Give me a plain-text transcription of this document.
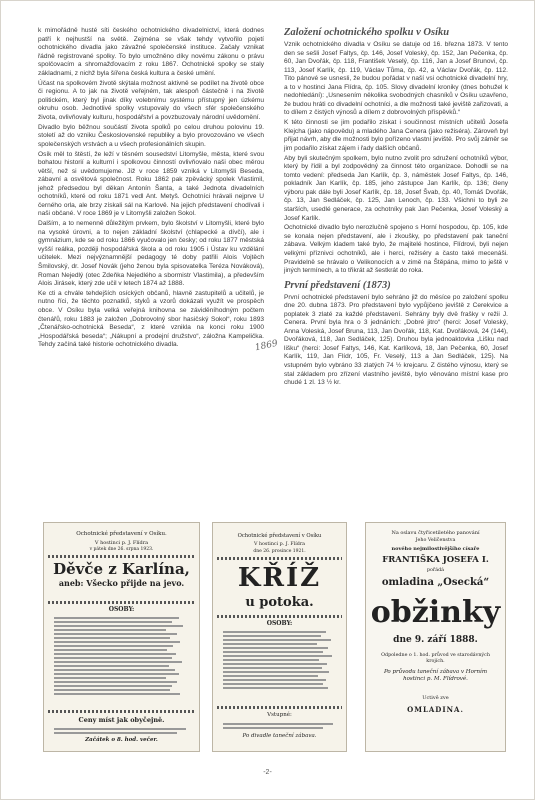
k mimořádně husté síti českého ochotnického divadelnictví, která dodnes patří k nejhustší na světě. Zejména se však tehdy vytvořilo pojetí ochotnického divadla jako závažné společenské instituce. Začaly vznikat řádně registrované spolky. To bylo umožněno díky novému zákonu o právu spolčovacím a shromažďovacím z roku 1867. Ochotnické spolky se staly základnami, z nichž byla šířena česká kultura a české umění.

Účast na spolkovém životě skýtala možnost aktivně se podílet na životě obce či regionu. A to jak na životě veřejném, tak alespoň částečně i na životě politickém, který byl jinak díky volebnímu systému přístupný jen úzkému okruhu osob. Jednotlivé spolky vstupovaly do všech sfér společenského života, ovlivňovaly kulturu, hospodářství a povzbuzovaly národní uvědomění.

Divadlo bylo běžnou součástí života spolků po celou druhou polovinu 19. století až do vzniku Československé republiky a bylo provozováno ve všech společenských vrstvách a u všech profesionálních skupin.

Osík měl to štěstí, že leží v těsném sousedství Litomyšle, města, které svou bohatou historií a kulturní i spolkovou činností ovlivňovalo naši obec měrou větší, než si uvědomujeme. Již v roce 1859 vzniká v Litomyšli Beseda, zábavní a osvětová společnost. Roku 1862 pak zpěvácký spolek Vlastimil, jehož předsedou byl děkan Antonín Šanta, a také Jednota divadelních ochotníků, které od roku 1871 vedl Ant. Metyš. Ochotníci hrávali nejprve U černého orla, ale brzy získali sál na Karlově. Na jejich představení chodívali i naši občané. V roce 1869 je v Litomyšli založen Sokol.

Dalším, a to nemenně důležitým prvkem, bylo školství v Litomyšli, které bylo na vysoké úrovni, a to nejen základní školství (chlapecké a dívčí), ale i gymnázium, kde se od roku 1866 vyučovalo jen česky; od roku 1877 městská vyšší reálka, později hospodářská škola a od roku 1905 i Ústav ku vzdělání učitelek. Mezi nejvýznamnější pedagogy té doby patřili Alois Vojtěch Šmilovský, dr. Josef Novák (jeho ženou byla spisovatelka Teréza Nováková), Roman Nejedlý (otec Zdeňka Nejedlého a sbormistr Vlastimila), a především Alois Jirásek, který zde učil v letech 1874 až 1888.

Ke cti a chvále tehdejších osíckých občanů, hlavně zastupitelů a učitelů, je nutno říci, že těchto poznatků, styků a vzorů dokázali využít ve prospěch obce. V Osíku byla velká veřejná knihovna se záviděníhodným počtem čtenářů, roku 1883 je založen „Dobrovolný sbor hasičský Sokol“, roku 1893 „Čtenářsko-ochotnická Beseda“, z které vznikla na konci roku 1900 „Hospodářská beseda“; „Nákupní a prodejní družstvo“, záložna Kampelička. Tehdy začíná také historie ochotnického divadla.	1869
Založení ochotnického spolku v Osíku

Vznik ochotnického divadla v Osíku se datuje od 16. března 1873. V tento den se sešli Josef Faltys, čp. 146, Josef Voleský, čp. 152, Jan Pečenka, čp. 60, Jan Dvořák, čp. 118, František Veselý, čp. 116, Jan a Josef Brunovi, čp. 113, Josef Karlík, čp. 119, Václav Tůma, čp. 42, a Václav Dvořák, čp. 112. Tito pánové se usnesli, že budou pořádat v naší vsi ochotnické divadelní hry, a to v hostinci Jana Flídra, čp. 105. Slovy divadelní kroniky (dnes bohužel k nedohledání): „Usnesením několika svobodných chasníků v Osíku uzavřeno, že budou hráti co divadelní ochotníci, a dle možnosti také jeviště zařizovati, a to dílem z čistých výnosů a dílem z dobrovolných příspěvků.“

K této činnosti se jim podařilo získat i součinnost místních učitelů Josefa Klejcha (jako nápovědu) a mladého Jana Cenera (jako režiséra). Zároveň byl přijat návrh, aby dle možnosti bylo pořízeno vlastní jeviště. Pro svůj záměr se jim podařilo získat zájem i řady dalších občanů.

Aby byli skutečným spolkem, bylo nutno zvolit pro sdružení ochotníků výbor, který by řídil a byl zodpovědný za činnost této organizace. Dohodli se na tomto vedení: předseda Jan Karlík, čp. 3, náměstek Josef Faltys, čp. 146, pokladník Jan Karlík, čp. 185, jeho zástupce Jan Karlík, čp. 136; členy výboru pak dále byli Josef Karlík, čp. 18, Josef Švab, čp. 40, Tomáš Dvořák, čp. 13, Jan Sedláček, čp. 125, Jan Lenoch, čp. 133. Všichni to byli ze starších, usedlé generace, za ochotníky pak Jan Pečenka, Josef Voleský a Josef Karlík.

Ochotnické divadlo bylo nerozlučně spojeno s Horní hospodou, čp. 105, kde se konala nejen představení, ale i zkoušky, po představení pak taneční zábava. Velkým kladem také bylo, že majitelé hostince, Flídrovi, byli nejen velkými příznivci ochotníků, ale i herci, režiséry a často také mecenáši. Pravidelně se hrávalo o Velikonocích a v zimě na Štěpána, mimo to ještě v jiných termínech, a to třikrát až šestkrát do roka.

První představení (1873)

První ochotnické představení bylo sehráno již do měsíce po založení spolku dne 20. dubna 1873. Pro představení bylo vypůjčeno jeviště z Cerekvice a poplatek 3 zlaté za každé představení. Sehrány byly dvě frašky v režii J. Cenera. První byla hra o 3 jednáních: „Dobré jitro“ (herci: Josef Voleský, Anna Voleská, Josef Bruna, 113, Jan Dvořák, 118, Kat. Dvořáková, 24 (144), Dvořáková, 118, Jan Sedláček, 125). Druhou byla jednoaktovka „Lišku nad lišku“ (herci: Josef Faltys, 146, Kat. Karlíková, 18, Jan Pečenka, 60, Josef Karlík, 119, Jan Flídr, 105, Fr. Veselý, 113 a Jan Sedláček, 125). Na vstupném bylo vybráno 33 zlatých 74 ½ krejcaru. Z čistého výnosu, který se stal základem pro zřízení vlastního jeviště, bylo věnováno místní kase pro chudé 1 zl. 13 ½ kr.

Ochotnické představení v Osíku.
V hostinci p. J. Flídra
v pátek dne 26. srpna 1923.
Děvče z Karlína,
aneb: Všecko přijde na jevo.
OSOBY:
Ceny míst jak obyčejně.
Začátek o 8. hod. večer.
Ochotnické představení v Osíku
V hostinci p. J. Flídra
dne 26. prosince 1921.
KŘÍŽ
u potoka.
OSOBY:
Vstupné:
Po divadle taneční zábava.
Na oslavu čtyřicetiletého panování
Jeho Veličenstva
nového nejmilostivějšího císaře
FRANTIŠKA JOSEFA I.
pořádá
omladina „Osecká“
obžinky
dne 9. září 1888.
Odpoledne o 1. hod. průvod ve starodávných krojích.
Po průvodu taneční zábava v Horním hostinci p. M. Flídrové.
Uctivě zve
OMLADINA.
-2-
